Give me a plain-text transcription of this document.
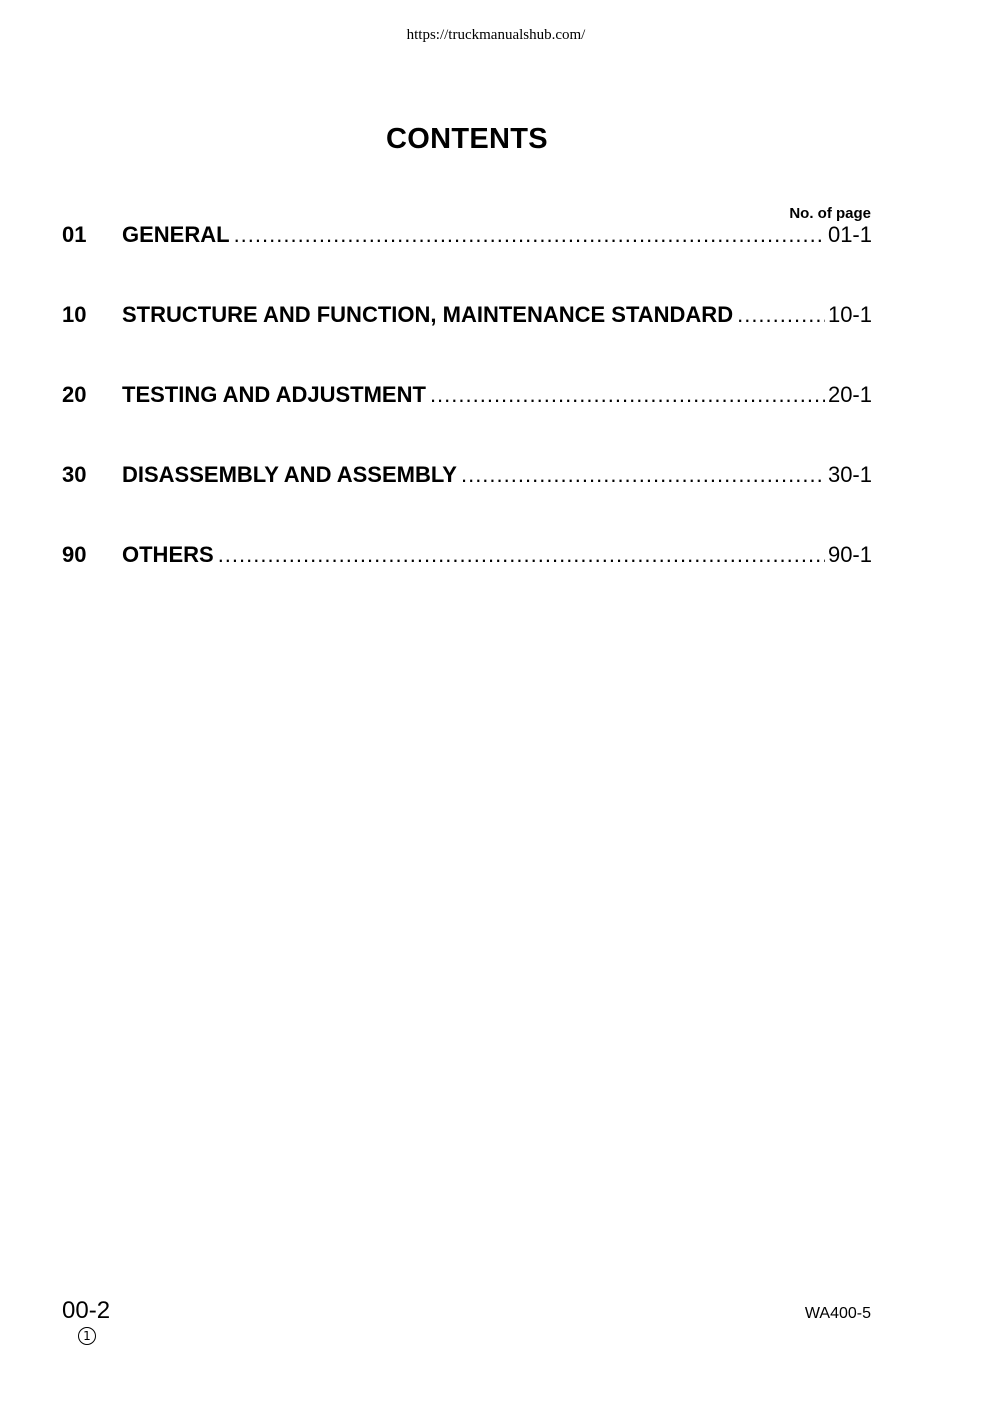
https://truckmanualshub.com/
CONTENTS
No. of page
01	GENERAL .....	01-1
10	STRUCTURE AND FUNCTION, MAINTENANCE STANDARD .....	10-1
20	TESTING AND ADJUSTMENT .....	20-1
30	DISASSEMBLY AND ASSEMBLY .....	30-1
90	OTHERS .....	90-1
00-2
1
WA400-5
